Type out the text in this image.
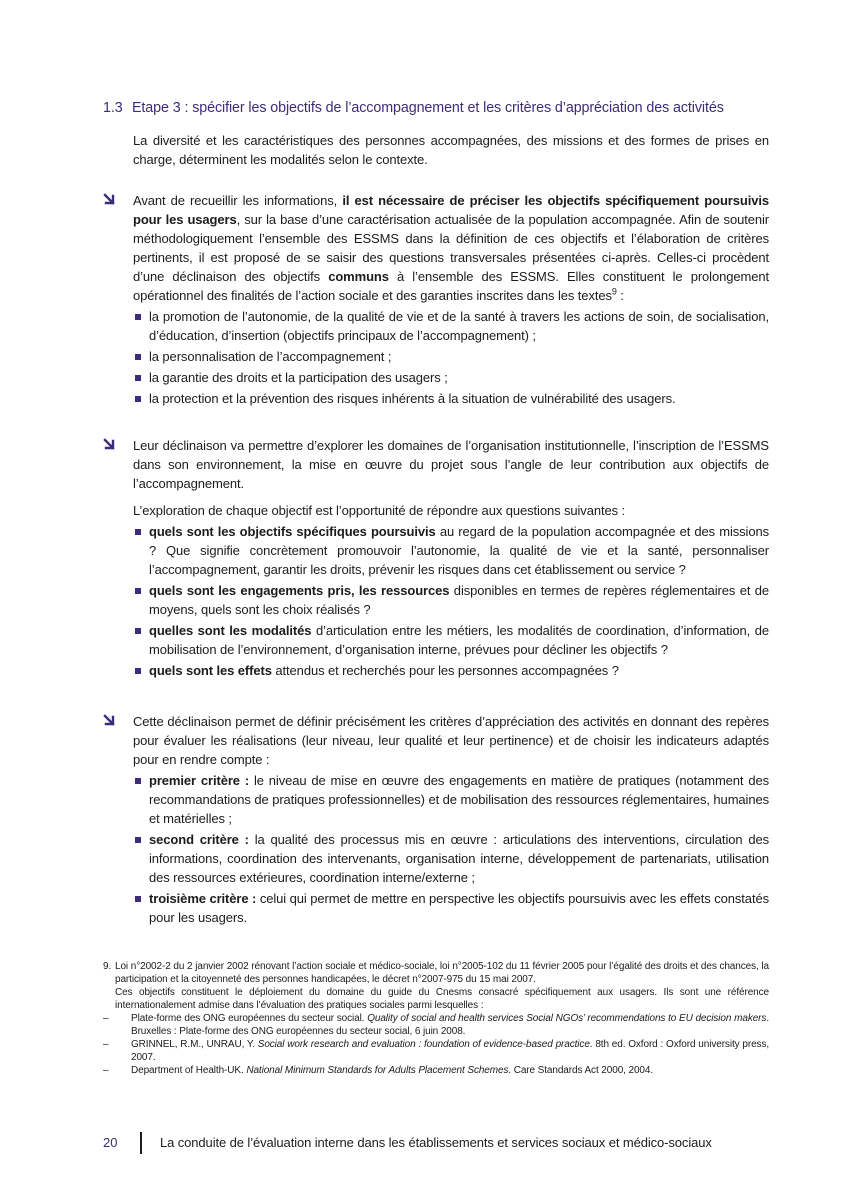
1.3 Etape 3 : spécifier les objectifs de l’accompagnement et les critères d’appréciation des activités
La diversité et les caractéristiques des personnes accompagnées, des missions et des formes de prises en charge, déterminent les modalités selon le contexte.

Avant de recueillir les informations, il est nécessaire de préciser les objectifs spécifiquement poursuivis pour les usagers, sur la base d’une caractérisation actualisée de la population accompagnée. Afin de soutenir méthodologiquement l’ensemble des ESSMS dans la définition de ces objectifs et l’élaboration de critères pertinents, il est proposé de se saisir des questions transversales présentées ci-après. Celles-ci procèdent d’une déclinaison des objectifs communs à l’ensemble des ESSMS. Elles constituent le prolongement opérationnel des finalités de l’action sociale et des garanties inscrites dans les textes$^9$ :

la promotion de l’autonomie, de la qualité de vie et de la santé à travers les actions de soin, de socialisation, d’éducation, d’insertion (objectifs principaux de l’accompagnement) ;
la personnalisation de l’accompagnement ;
la garantie des droits et la participation des usagers ;
la protection et la prévention des risques inhérents à la situation de vulnérabilité des usagers.

Leur déclinaison va permettre d’explorer les domaines de l’organisation institutionnelle, l’inscription de l’ESSMS dans son environnement, la mise en œuvre du projet sous l’angle de leur contribution aux objectifs de l’accompagnement.

L’exploration de chaque objectif est l’opportunité de répondre aux questions suivantes :

quels sont les objectifs spécifiques poursuivis au regard de la population accompagnée et des missions ? Que signifie concrètement promouvoir l’autonomie, la qualité de vie et la santé, personnaliser l’accompagnement, garantir les droits, prévenir les risques dans cet établissement ou service ?
quels sont les engagements pris, les ressources disponibles en termes de repères réglementaires et de moyens, quels sont les choix réalisés ?
quelles sont les modalités d’articulation entre les métiers, les modalités de coordination, d’information, de mobilisation de l’environnement, d’organisation interne, prévues pour décliner les objectifs ?
quels sont les effets attendus et recherchés pour les personnes accompagnées ?

Cette déclinaison permet de définir précisément les critères d’appréciation des activités en donnant des repères pour évaluer les réalisations (leur niveau, leur qualité et leur pertinence) et de choisir les indicateurs adaptés pour en rendre compte :

premier critère : le niveau de mise en œuvre des engagements en matière de pratiques (notamment des recommandations de pratiques professionnelles) et de mobilisation des ressources réglementaires, humaines et matérielles ;
second critère : la qualité des processus mis en œuvre : articulations des interventions, circulation des informations, coordination des intervenants, organisation interne, développement de partenariats, utilisation des ressources extérieures, coordination interne/externe ;
troisième critère : celui qui permet de mettre en perspective les objectifs poursuivis avec les effets constatés pour les usagers.
9. Loi n°2002-2 du 2 janvier 2002 rénovant l’action sociale et médico-sociale, loi n°2005-102 du 11 février 2005 pour l’égalité des droits et des chances, la participation et la citoyenneté des personnes handicapées, le décret n°2007-975 du 15 mai 2007.

Ces objectifs constituent le déploiement du domaine du guide du Cnesms consacré spécifiquement aux usagers. Ils sont une référence internationalement admise dans l’évaluation des pratiques sociales parmi lesquelles :

– Plate-forme des ONG européennes du secteur social. Quality of social and health services Social NGOs’ recommendations to EU decision makers. Bruxelles : Plate-forme des ONG européennes du secteur social, 6 juin 2008.

– GRINNEL, R.M., UNRAU, Y. Social work research and evaluation : foundation of evidence-based practice. 8th ed. Oxford : Oxford university press, 2007.

– Department of Health-UK. National Minimum Standards for Adults Placement Schemes. Care Standards Act 2000, 2004.

20	La conduite de l’évaluation interne dans les établissements et services sociaux et médico-sociaux
